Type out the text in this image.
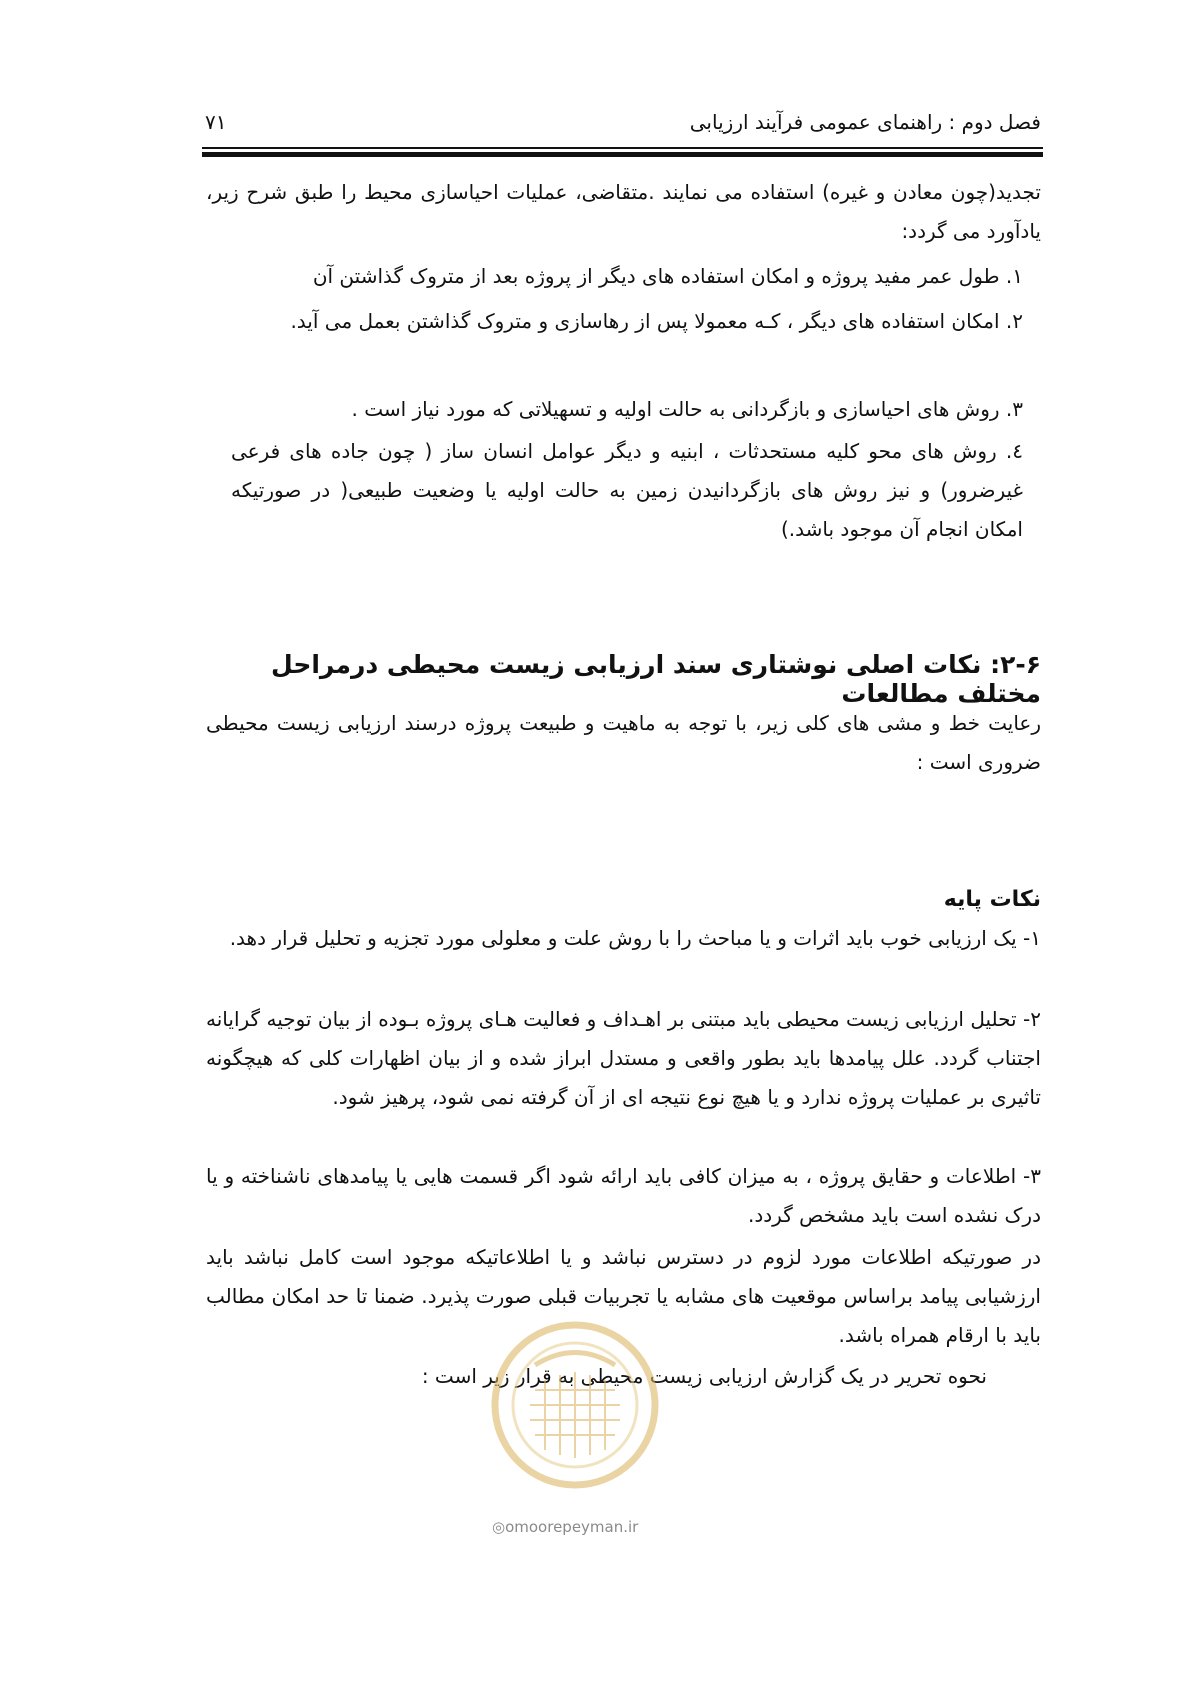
فصل دوم : راهنمای عمومی فرآیند ارزیابی
۷۱
تجدید(چون معادن و غیره) استفاده می نمایند .متقاضی، عملیات احیاسازی محیط را طبق شرح زیر، یادآورد می گردد:
۱. طول عمر مفید پروژه و امکان استفاده های دیگر از پروژه بعد از متروک گذاشتن آن
۲. امکان استفاده های دیگر ، کـه معمولا پس از رهاسازی و متروک گذاشتن بعمل می آید.
۳. روش های احیاسازی و بازگردانی به حالت اولیه و تسهیلاتی که مورد نیاز است .
٤. روش های محو کلیه مستحدثات ، ابنیه و دیگر عوامل انسان ساز ( چون جاده های فرعی غیرضرور) و نیز روش های بازگردانیدن زمین به حالت اولیه یا وضعیت طبیعی( در صورتیکه امکان انجام آن موجود باشد.)
۲-۶: نکات اصلی نوشتاری سند ارزیابی زیست محیطی درمراحل مختلف مطالعات
رعایت خط و مشی های کلی زیر، با توجه به ماهیت و طبیعت پروژه درسند ارزیابی زیست محیطی ضروری است :
نکات پایه
۱- یک ارزیابی خوب باید اثرات و یا مباحث را با روش علت و معلولی مورد تجزیه و تحلیل قرار دهد.
۲- تحلیل ارزیابی زیست محیطی باید مبتنی بر اهـداف و فعالیت هـای پروژه بـوده از بیان توجیه گرایانه اجتناب گردد. علل پیامدها باید بطور واقعی و مستدل ابراز شده و از بیان اظهارات کلی که هیچگونه تاثیری بر عملیات پروژه ندارد و یا هیچ نوع نتیجه ای از آن گرفته نمی شود، پرهیز شود.
۳- اطلاعات و حقایق پروژه ، به میزان کافی باید ارائه شود اگر قسمت هایی یا پیامدهای ناشناخته و یا درک نشده است باید مشخص گردد.
در صورتیکه اطلاعات مورد لزوم در دسترس نباشد و یا اطلاعاتیکه موجود است کامل نباشد باید ارزشیابی پیامد براساس موقعیت های مشابه یا تجربیات قبلی صورت پذیرد. ضمنا تا حد امکان مطالب باید با ارقام همراه باشد.
نحوه تحریر در یک گزارش ارزیابی زیست محیطی به قرار زیر است :
◎omoorepeyman.ir
